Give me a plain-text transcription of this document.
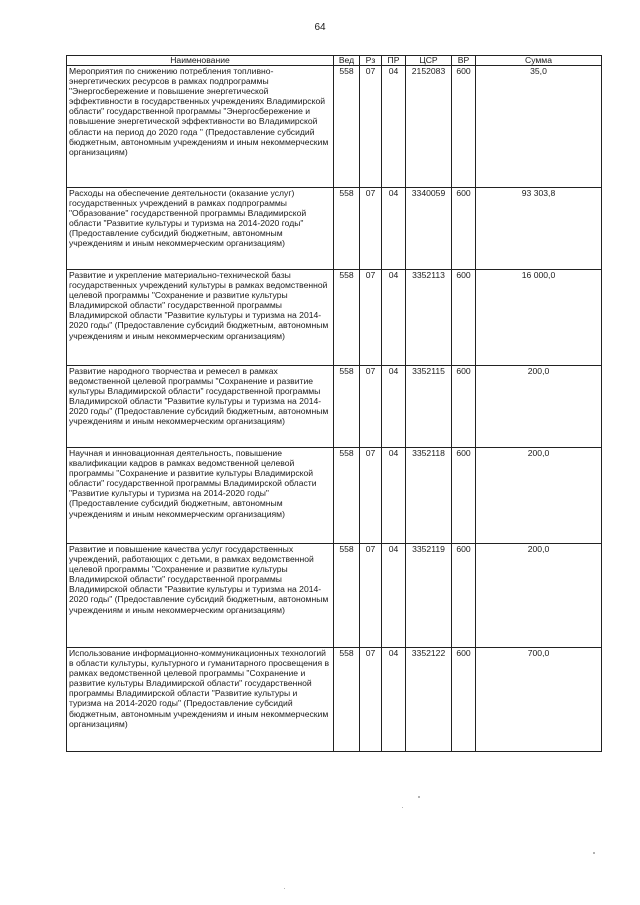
64
Наименование	Вед	Рз	ПР	ЦСР	ВР	Сумма
Мероприятия по снижению потребления топливно-энергетических ресурсов в рамках подпрограммы "Энергосбережение и повышение энергетической эффективности в государственных учреждениях Владимирской области" государственной программы "Энергосбережение и повышение энергетической эффективности во Владимирской области на период до 2020 года " (Предоставление субсидий бюджетным, автономным учреждениям и иным некоммерческим организациям)	558	07	04	2152083	600	35,0
Расходы на обеспечение деятельности (оказание услуг) государственных учреждений в рамках подпрограммы "Образование" государственной программы Владимирской области "Развитие культуры и туризма на 2014-2020 годы" (Предоставление субсидий бюджетным, автономным учреждениям и иным некоммерческим организациям)	558	07	04	3340059	600	93 303,8
Развитие и укрепление материально-технической базы государственных учреждений культуры в рамках ведомственной целевой программы "Сохранение и развитие культуры Владимирской области" государственной программы Владимирской области "Развитие культуры и туризма на 2014-2020 годы" (Предоставление субсидий бюджетным, автономным учреждениям и иным некоммерческим организациям)	558	07	04	3352113	600	16 000,0
Развитие народного творчества и ремесел в рамках ведомственной целевой программы "Сохранение и развитие культуры Владимирской области" государственной программы Владимирской области "Развитие культуры и туризма на 2014-2020 годы" (Предоставление субсидий бюджетным, автономным учреждениям и иным некоммерческим организациям)	558	07	04	3352115	600	200,0
Научная и инновационная деятельность, повышение квалификации кадров в рамках ведомственной целевой программы "Сохранение и развитие культуры Владимирской области" государственной программы Владимирской области "Развитие культуры и туризма на 2014-2020 годы" (Предоставление субсидий бюджетным, автономным учреждениям и иным некоммерческим организациям)	558	07	04	3352118	600	200,0
Развитие и повышение качества услуг государственных учреждений, работающих с детьми, в рамках ведомственной целевой программы "Сохранение и развитие культуры Владимирской области" государственной программы Владимирской области "Развитие культуры и туризма на 2014-2020 годы" (Предоставление субсидий бюджетным, автономным учреждениям и иным некоммерческим организациям)	558	07	04	3352119	600	200,0
Использование информационно-коммуникационных технологий в области культуры, культурного и гуманитарного просвещения в рамках ведомственной целевой программы "Сохранение и развитие культуры Владимирской области" государственной программы Владимирской области "Развитие культуры и туризма на 2014-2020 годы" (Предоставление субсидий бюджетным, автономным учреждениям и иным некоммерческим организациям)	558	07	04	3352122	600	700,0
